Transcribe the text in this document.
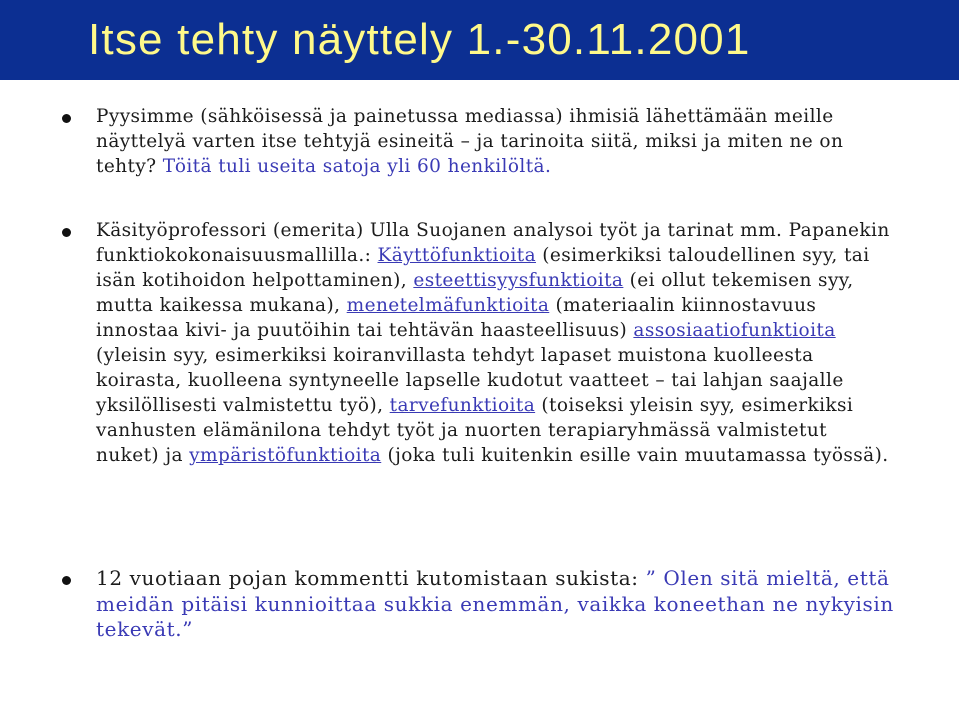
Itse tehty näyttely 1.-30.11.2001
Pyysimme (sähköisessä ja painetussa mediassa) ihmisiä lähettämään meille näyttelyä varten itse tehtyjä esineitä – ja tarinoita siitä, miksi ja miten ne on tehty? Töitä tuli useita satoja yli 60 henkilöltä.
Käsityöprofessori (emerita) Ulla Suojanen analysoi työt ja tarinat mm. Papanekin funktiokokonaisuusmallilla.: Käyttöfunktioita (esimerkiksi taloudellinen syy, tai isän kotihoidon helpottaminen), esteettisyysfunktioita (ei ollut tekemisen syy, mutta kaikessa mukana), menetelmäfunktioita (materiaalin kiinnostavuus innostaa kivi- ja puutöihin tai tehtävän haasteellisuus) assosiaatiofunktioita (yleisin syy, esimerkiksi koiranvillasta tehdyt lapaset muistona kuolleesta koirasta, kuolleena syntyneelle lapselle kudotut vaatteet – tai lahjan saajalle yksilöllisesti valmistettu työ), tarvefunktioita (toiseksi yleisin syy, esimerkiksi vanhusten elämänilona tehdyt työt ja nuorten terapiaryhmässä valmistetut nuket) ja ympäristöfunktioita (joka tuli kuitenkin esille vain muutamassa työssä).
12 vuotiaan pojan kommentti kutomistaan sukista: ” Olen sitä mieltä, että meidän pitäisi kunnioittaa sukkia enemmän, vaikka koneethan ne nykyisin tekevät.”
